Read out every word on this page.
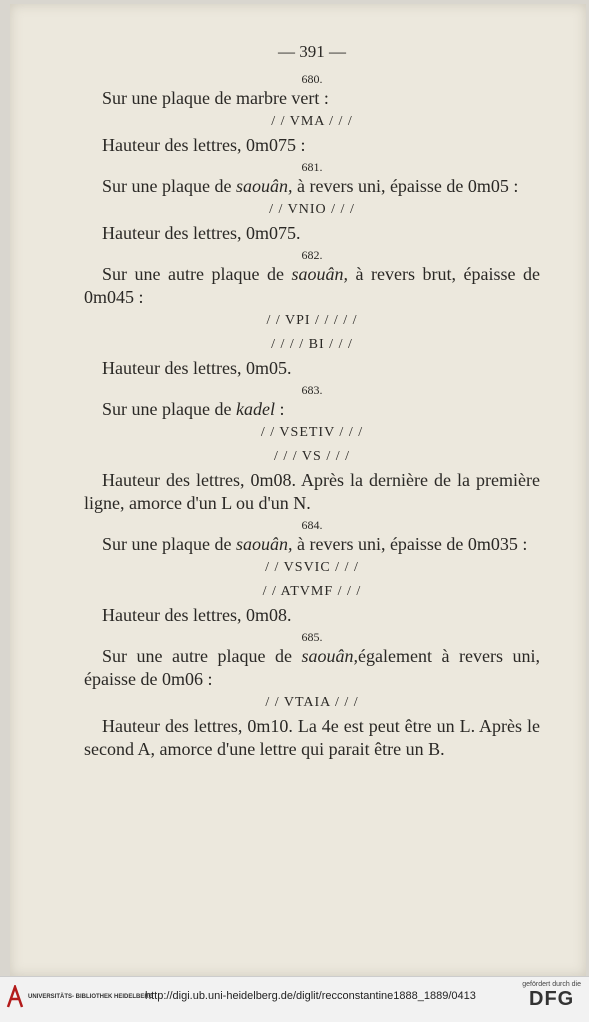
— 391 —
680.
Sur une plaque de marbre vert :
/ / VMA / / /
Hauteur des lettres, 0m075 :
681.
Sur une plaque de saouân, à revers uni, épaisse de 0m05 :
/ / VNIO / / /
Hauteur des lettres, 0m075.
682.
Sur une autre plaque de saouân, à revers brut, épaisse de 0m045 :
/ / VPI / / / / /
/ / / / BI / / /
Hauteur des lettres, 0m05.
683.
Sur une plaque de kadel :
/ / VSETIV / / /
/ / / VS / / /
Hauteur des lettres, 0m08. Après la dernière de la première ligne, amorce d'un L ou d'un N.
684.
Sur une plaque de saouân, à revers uni, épaisse de 0m035 :
/ / VSVIC / / /
/ / ATVMF / / /
Hauteur des lettres, 0m08.
685.
Sur une autre plaque de saouân,également à revers uni, épaisse de 0m06 :
/ / VTAIA / / /
Hauteur des lettres, 0m10. La 4e est peut être un L. Après le second A, amorce d'une lettre qui parait être un B.
UNIVERSITÄTS- BIBLIOTHEK HEIDELBERG
http://digi.ub.uni-heidelberg.de/diglit/recconstantine1888_1889/0413
gefördert durch die
DFG
